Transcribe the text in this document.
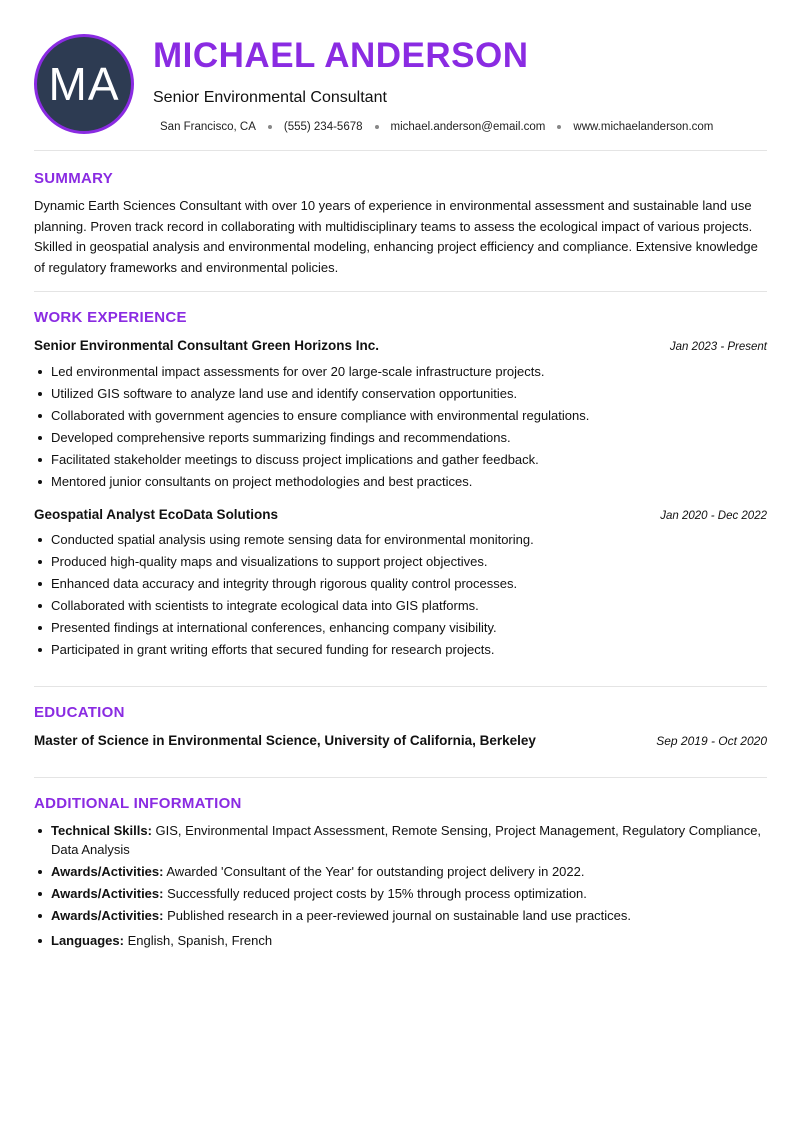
MA
MICHAEL ANDERSON
Senior Environmental Consultant
San Francisco, CA (555) 234-5678 michael.anderson@email.com www.michaelanderson.com
SUMMARY

Dynamic Earth Sciences Consultant with over 10 years of experience in environmental assessment and sustainable land use planning. Proven track record in collaborating with multidisciplinary teams to assess the ecological impact of various projects. Skilled in geospatial analysis and environmental modeling, enhancing project efficiency and compliance. Extensive knowledge of regulatory frameworks and environmental policies.

WORK EXPERIENCE
Senior Environmental Consultant Green Horizons Inc.	Jan 2023 - Present
Led environmental impact assessments for over 20 large-scale infrastructure projects.
Utilized GIS software to analyze land use and identify conservation opportunities.
Collaborated with government agencies to ensure compliance with environmental regulations.
Developed comprehensive reports summarizing findings and recommendations.
Facilitated stakeholder meetings to discuss project implications and gather feedback.
Mentored junior consultants on project methodologies and best practices.
Geospatial Analyst EcoData Solutions	Jan 2020 - Dec 2022
Conducted spatial analysis using remote sensing data for environmental monitoring.
Produced high-quality maps and visualizations to support project objectives.
Enhanced data accuracy and integrity through rigorous quality control processes.
Collaborated with scientists to integrate ecological data into GIS platforms.
Presented findings at international conferences, enhancing company visibility.
Participated in grant writing efforts that secured funding for research projects.
EDUCATION
Master of Science in Environmental Science, University of California, Berkeley	Sep 2019 - Oct 2020
ADDITIONAL INFORMATION
Technical Skills: GIS, Environmental Impact Assessment, Remote Sensing, Project Management, Regulatory Compliance, Data Analysis
Awards/Activities: Awarded 'Consultant of the Year' for outstanding project delivery in 2022.
Awards/Activities: Successfully reduced project costs by 15% through process optimization.
Awards/Activities: Published research in a peer-reviewed journal on sustainable land use practices.
Languages: English, Spanish, French
